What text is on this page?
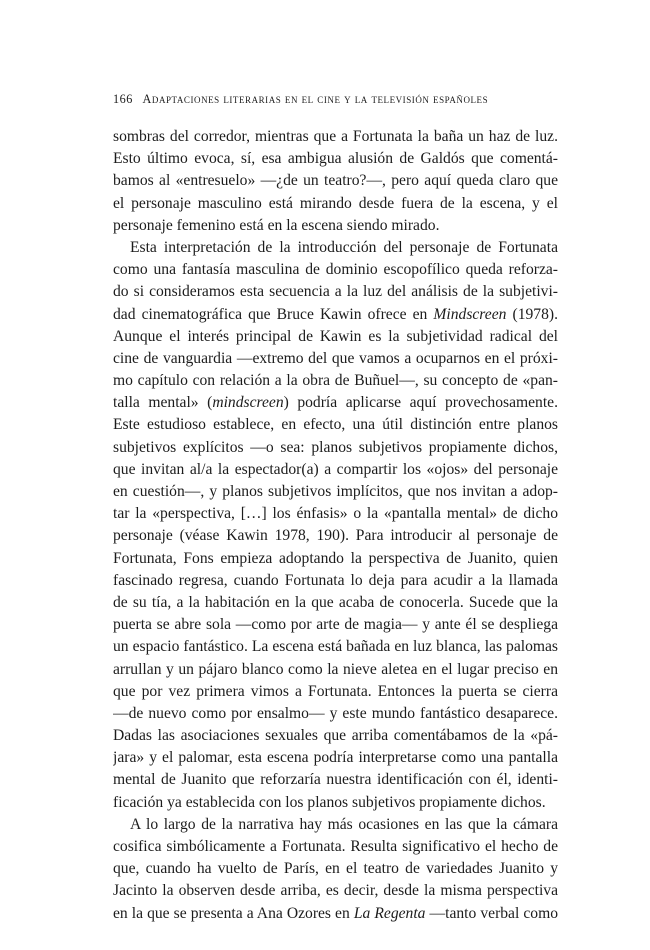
166 Adaptaciones literarias en el cine y la televisión españoles
sombras del corredor, mientras que a Fortunata la baña un haz de luz.
Esto último evoca, sí, esa ambigua alusión de Galdós que comentá-
bamos al «entresuelo» —¿de un teatro?—, pero aquí queda claro que
el personaje masculino está mirando desde fuera de la escena, y el
personaje femenino está en la escena siendo mirado.
Esta interpretación de la introducción del personaje de Fortunata
como una fantasía masculina de dominio escopofílico queda reforza-
do si consideramos esta secuencia a la luz del análisis de la subjetivi-
dad cinematográfica que Bruce Kawin ofrece en Mindscreen (1978).
Aunque el interés principal de Kawin es la subjetividad radical del
cine de vanguardia —extremo del que vamos a ocuparnos en el próxi-
mo capítulo con relación a la obra de Buñuel—, su concepto de «pan-
talla mental» (mindscreen) podría aplicarse aquí provechosamente.
Este estudioso establece, en efecto, una útil distinción entre planos
subjetivos explícitos —o sea: planos subjetivos propiamente dichos,
que invitan al/a la espectador(a) a compartir los «ojos» del personaje
en cuestión—, y planos subjetivos implícitos, que nos invitan a adop-
tar la «perspectiva, […] los énfasis» o la «pantalla mental» de dicho
personaje (véase Kawin 1978, 190). Para introducir al personaje de
Fortunata, Fons empieza adoptando la perspectiva de Juanito, quien
fascinado regresa, cuando Fortunata lo deja para acudir a la llamada
de su tía, a la habitación en la que acaba de conocerla. Sucede que la
puerta se abre sola —como por arte de magia— y ante él se despliega
un espacio fantástico. La escena está bañada en luz blanca, las palomas
arrullan y un pájaro blanco como la nieve aletea en el lugar preciso en
que por vez primera vimos a Fortunata. Entonces la puerta se cierra
—de nuevo como por ensalmo— y este mundo fantástico desaparece.
Dadas las asociaciones sexuales que arriba comentábamos de la «pá-
jara» y el palomar, esta escena podría interpretarse como una pantalla
mental de Juanito que reforzaría nuestra identificación con él, identi-
ficación ya establecida con los planos subjetivos propiamente dichos.
A lo largo de la narrativa hay más ocasiones en las que la cámara
cosifica simbólicamente a Fortunata. Resulta significativo el hecho de
que, cuando ha vuelto de París, en el teatro de variedades Juanito y
Jacinto la observen desde arriba, es decir, desde la misma perspectiva
en la que se presenta a Ana Ozores en La Regenta —tanto verbal como
